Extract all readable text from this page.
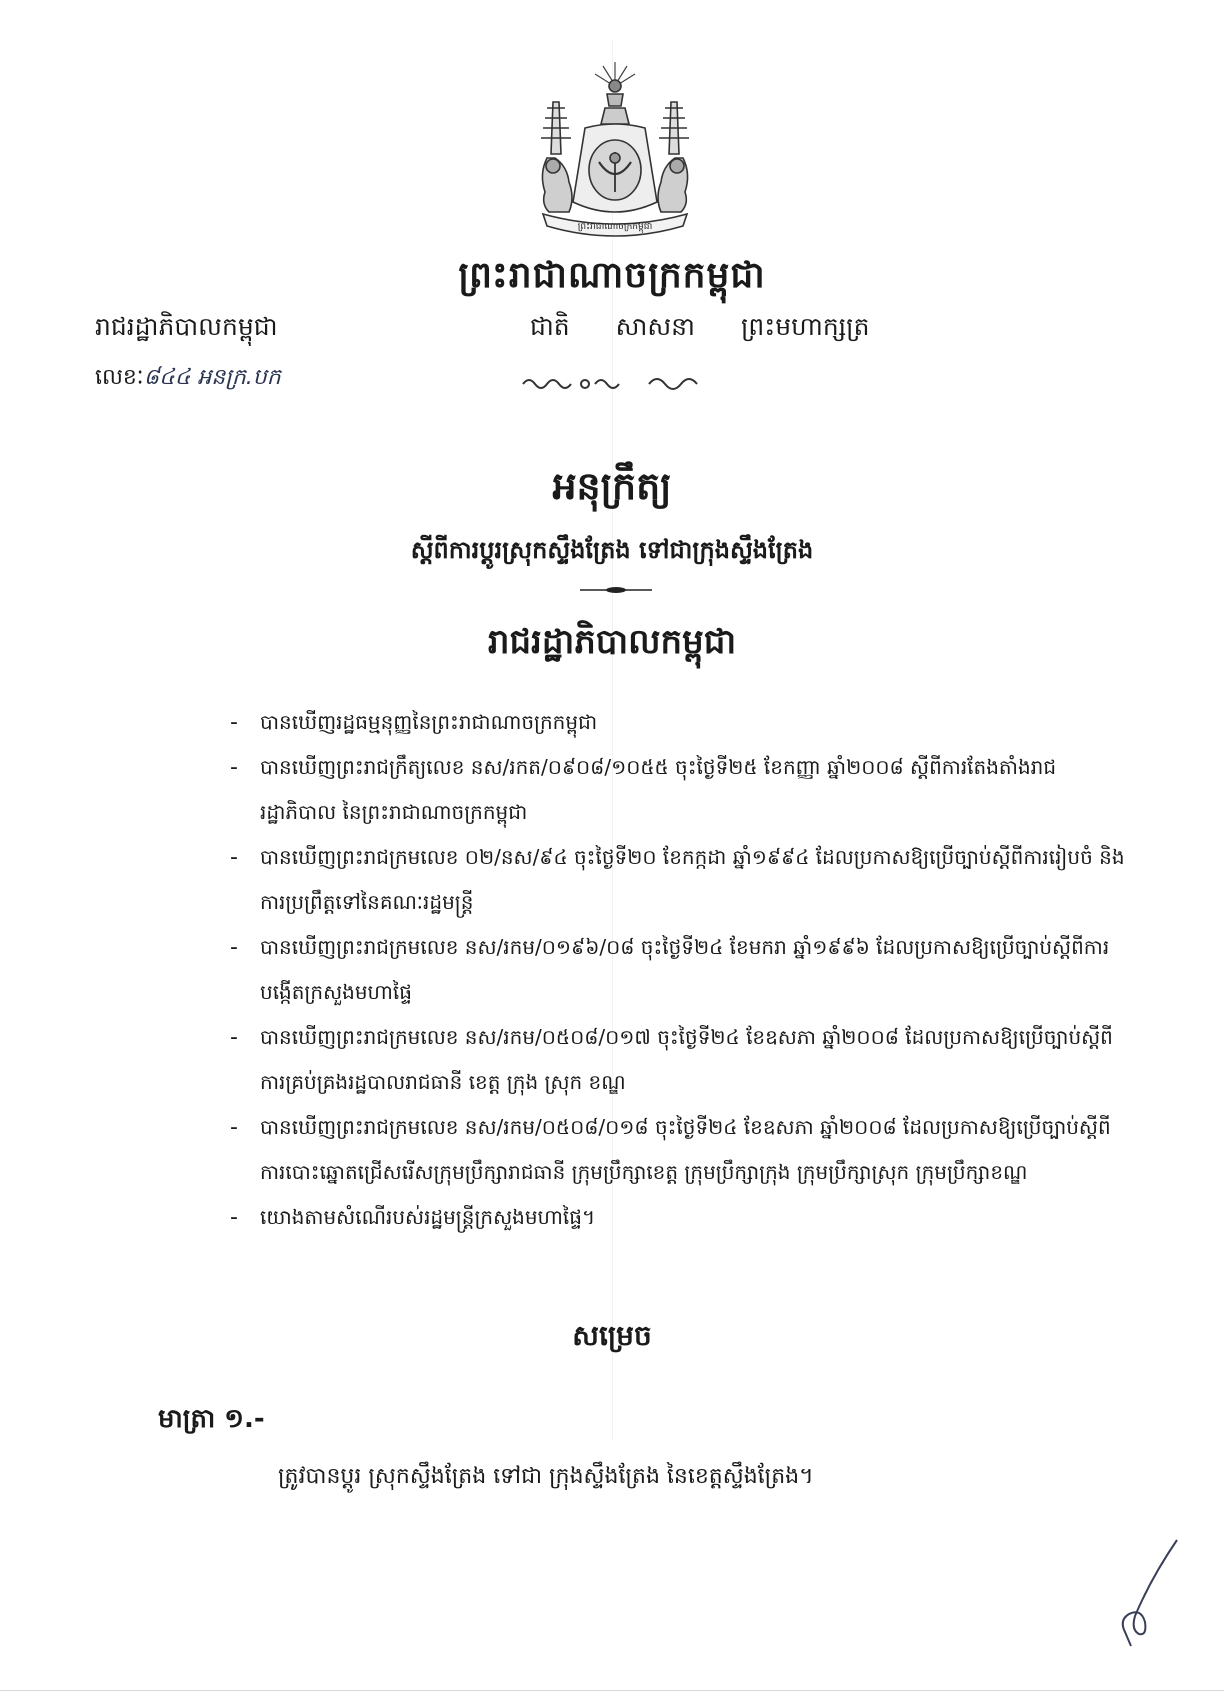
ព្រះរាជាណាចក្រកម្ពុជា
ព្រះរាជាណាចក្រកម្ពុជា
រាជរដ្ឋាភិបាលកម្ពុជា	ជាតិ សាសនា ព្រះមហាក្សត្រ
លេខៈ៨៤៤ អនក្រ.បក
អនុក្រឹត្យ
ស្តីពីការប្តូរស្រុកស្ទឹងត្រែង ទៅជាក្រុងស្ទឹងត្រែង
រាជរដ្ឋាភិបាលកម្ពុជា
- បានឃើញរដ្ឋធម្មនុញ្ញនៃព្រះរាជាណាចក្រកម្ពុជា
- បានឃើញព្រះរាជក្រឹត្យលេខ នស/រកត/០៩០៨/១០៥៥ ចុះថ្ងៃទី២៥ ខែកញ្ញា ឆ្នាំ២០០៨ ស្តីពីការតែងតាំងរាជរដ្ឋាភិបាល នៃព្រះរាជាណាចក្រកម្ពុជា
- បានឃើញព្រះរាជក្រមលេខ ០២/នស/៩៤ ចុះថ្ងៃទី២០ ខែកក្កដា ឆ្នាំ១៩៩៤ ដែលប្រកាសឱ្យប្រើច្បាប់ស្តីពីការរៀបចំ និងការប្រព្រឹត្តទៅនៃគណៈរដ្ឋមន្ត្រី
- បានឃើញព្រះរាជក្រមលេខ នស/រកម/០១៩៦/០៨ ចុះថ្ងៃទី២៤ ខែមករា ឆ្នាំ១៩៩៦ ដែលប្រកាសឱ្យប្រើច្បាប់ស្តីពីការបង្កើតក្រសួងមហាផ្ទៃ
- បានឃើញព្រះរាជក្រមលេខ នស/រកម/០៥០៨/០១៧ ចុះថ្ងៃទី២៤ ខែឧសភា ឆ្នាំ២០០៨ ដែលប្រកាសឱ្យប្រើច្បាប់ស្តីពីការគ្រប់គ្រងរដ្ឋបាលរាជធានី ខេត្ត ក្រុង ស្រុក ខណ្ឌ
- បានឃើញព្រះរាជក្រមលេខ នស/រកម/០៥០៨/០១៨ ចុះថ្ងៃទី២៤ ខែឧសភា ឆ្នាំ២០០៨ ដែលប្រកាសឱ្យប្រើច្បាប់ស្តីពីការបោះឆ្នោតជ្រើសរើសក្រុមប្រឹក្សារាជធានី ក្រុមប្រឹក្សាខេត្ត ក្រុមប្រឹក្សាក្រុង ក្រុមប្រឹក្សាស្រុក ក្រុមប្រឹក្សាខណ្ឌ
- យោងតាមសំណើរបស់រដ្ឋមន្ត្រីក្រសួងមហាផ្ទៃ។
សម្រេច
មាត្រា ១.-
ត្រូវបានប្តូរ ស្រុកស្ទឹងត្រែង ទៅជា ក្រុងស្ទឹងត្រែង នៃខេត្តស្ទឹងត្រែង។
